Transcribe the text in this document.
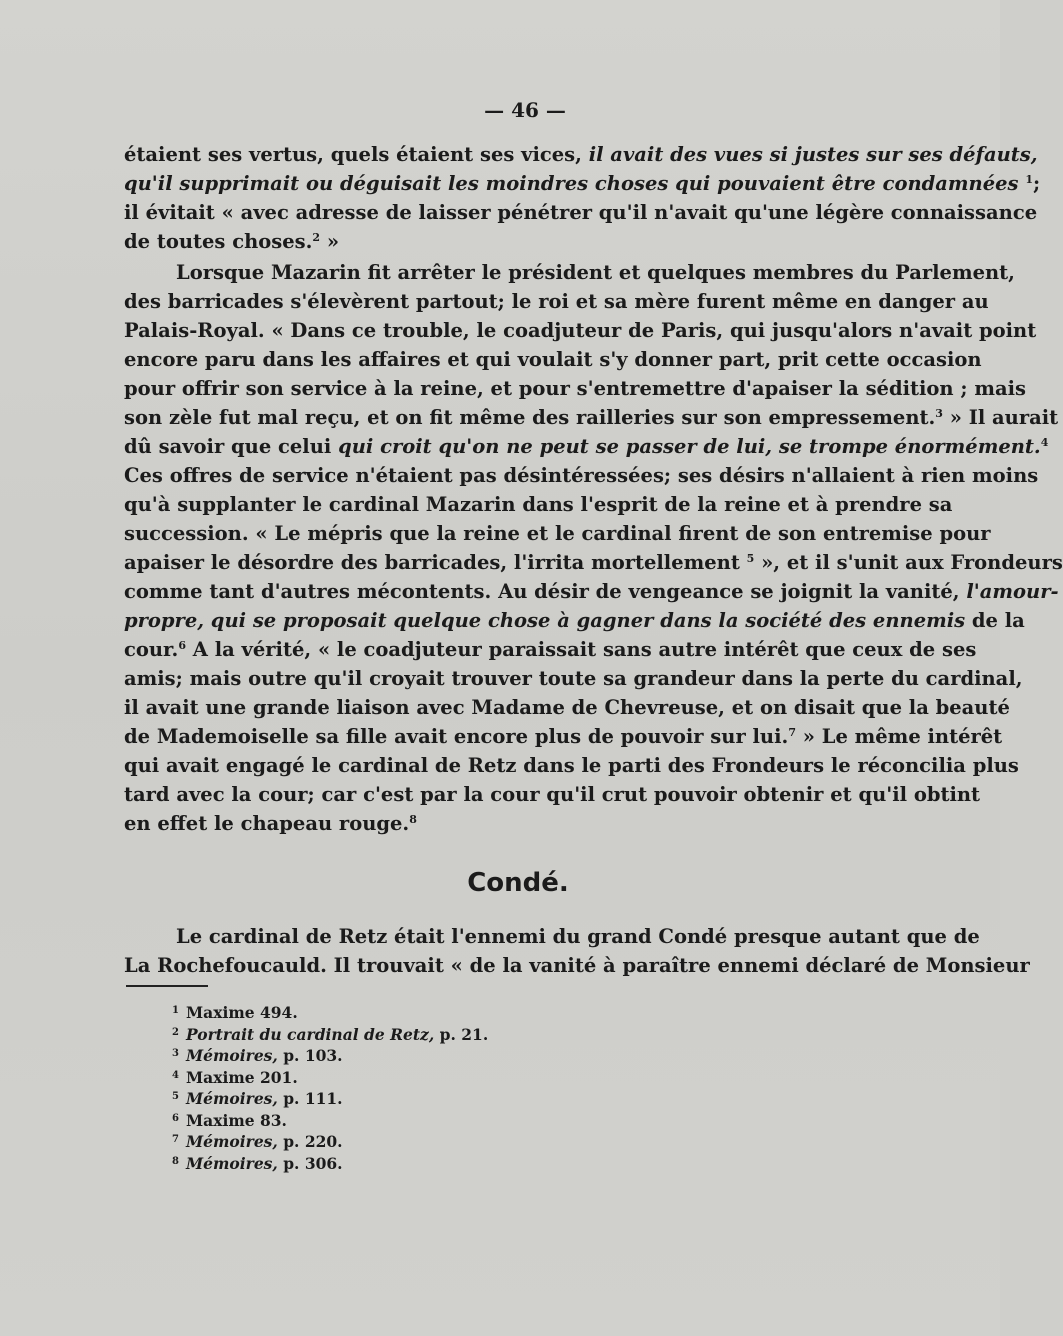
— 46 —
étaient ses vertus, quels étaient ses vices, il avait des vues si justes sur ses défauts,
qu'il supprimait ou déguisait les moindres choses qui pouvaient être condamnées $^1$;
il évitait « avec adresse de laisser pénétrer qu'il n'avait qu'une légère connaissance
de toutes choses.$^2$ »
Lorsque Mazarin fit arrêter le président et quelques membres du Parlement,
des barricades s'élevèrent partout; le roi et sa mère furent même en danger au
Palais-Royal. « Dans ce trouble, le coadjuteur de Paris, qui jusqu'alors n'avait point
encore paru dans les affaires et qui voulait s'y donner part, prit cette occasion
pour offrir son service à la reine, et pour s'entremettre d'apaiser la sédition ; mais
son zèle fut mal reçu, et on fit même des railleries sur son empressement.$^3$ » Il aurait
dû savoir que celui qui croit qu'on ne peut se passer de lui, se trompe énormément.$^4$
Ces offres de service n'étaient pas désintéressées; ses désirs n'allaient à rien moins
qu'à supplanter le cardinal Mazarin dans l'esprit de la reine et à prendre sa
succession. « Le mépris que la reine et le cardinal firent de son entremise pour
apaiser le désordre des barricades, l'irrita mortellement $^5$ », et il s'unit aux Frondeurs
comme tant d'autres mécontents. Au désir de vengeance se joignit la vanité, l'amour-
propre, qui se proposait quelque chose à gagner dans la société des ennemis de la
cour.$^6$ A la vérité, « le coadjuteur paraissait sans autre intérêt que ceux de ses
amis; mais outre qu'il croyait trouver toute sa grandeur dans la perte du cardinal,
il avait une grande liaison avec Madame de Chevreuse, et on disait que la beauté
de Mademoiselle sa fille avait encore plus de pouvoir sur lui.$^7$ » Le même intérêt
qui avait engagé le cardinal de Retz dans le parti des Frondeurs le réconcilia plus
tard avec la cour; car c'est par la cour qu'il crut pouvoir obtenir et qu'il obtint
en effet le chapeau rouge.$^8$
Condé.
Le cardinal de Retz était l'ennemi du grand Condé presque autant que de
La Rochefoucauld. Il trouvait « de la vanité à paraître ennemi déclaré de Monsieur
1 Maxime 494.
2 Portrait du cardinal de Retz, p. 21.
3 Mémoires, p. 103.
4 Maxime 201.
5 Mémoires, p. 111.
6 Maxime 83.
7 Mémoires, p. 220.
8 Mémoires, p. 306.
